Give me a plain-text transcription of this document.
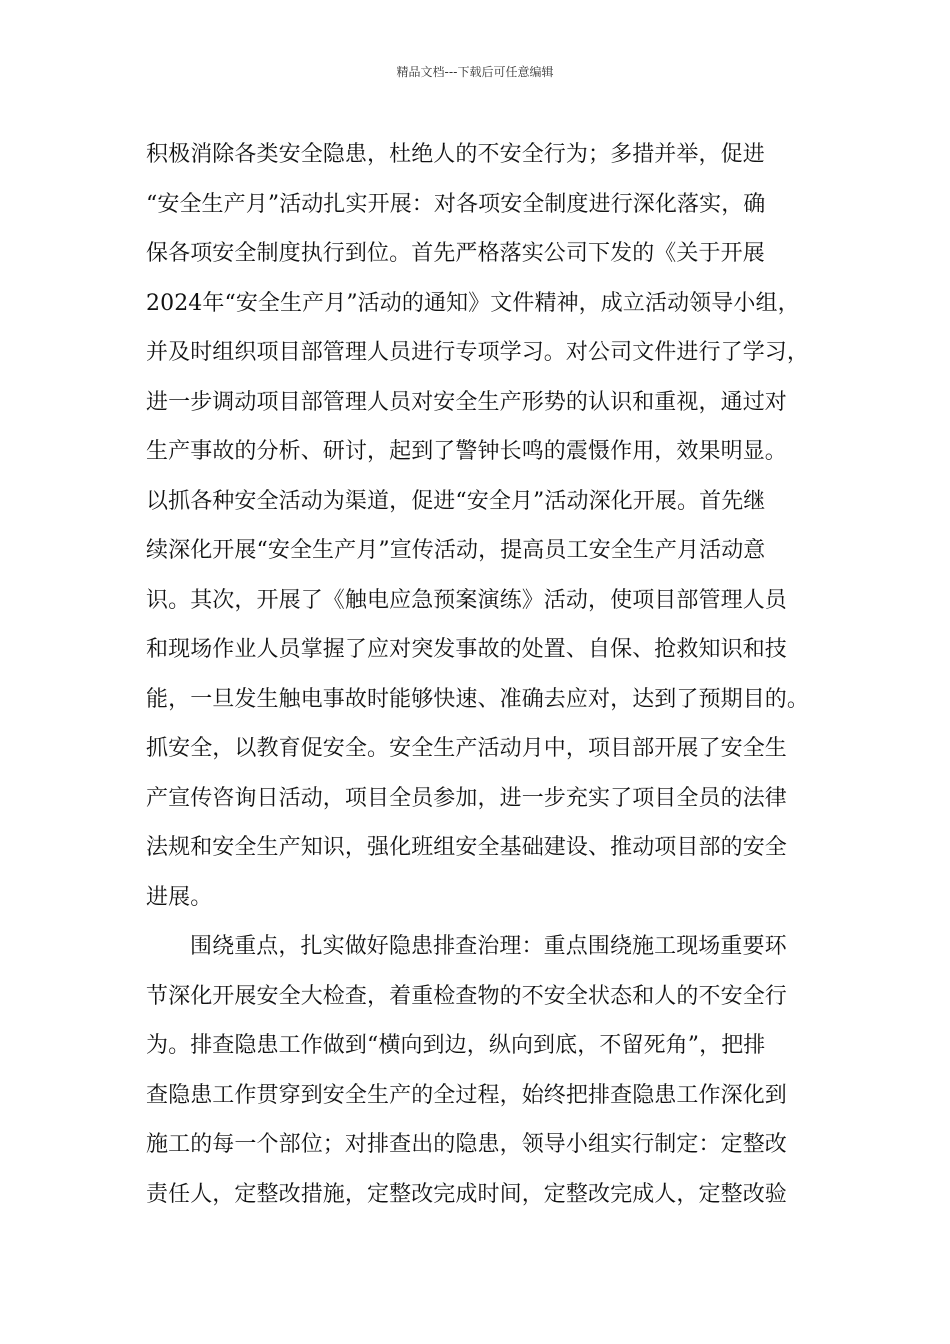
精品文档---下载后可任意编辑
积极消除各类安全隐患，杜绝人的不安全行为；多措并举，促进
“安全生产月”活动扎实开展：对各项安全制度进行深化落实，确
保各项安全制度执行到位。首先严格落实公司下发的《关于开展
2024年“安全生产月”活动的通知》文件精神，成立活动领导小组，
并及时组织项目部管理人员进行专项学习。对公司文件进行了学习，
进一步调动项目部管理人员对安全生产形势的认识和重视，通过对
生产事故的分析、研讨，起到了警钟长鸣的震慑作用，效果明显。
以抓各种安全活动为渠道，促进“安全月”活动深化开展。首先继
续深化开展“安全生产月”宣传活动，提高员工安全生产月活动意
识。其次，开展了《触电应急预案演练》活动，使项目部管理人员
和现场作业人员掌握了应对突发事故的处置、自保、抢救知识和技
能，一旦发生触电事故时能够快速、准确去应对，达到了预期目的。
抓安全，以教育促安全。安全生产活动月中，项目部开展了安全生
产宣传咨询日活动，项目全员参加，进一步充实了项目全员的法律
法规和安全生产知识，强化班组安全基础建设、推动项目部的安全
进展。
围绕重点，扎实做好隐患排查治理：重点围绕施工现场重要环
节深化开展安全大检查，着重检查物的不安全状态和人的不安全行
为。排查隐患工作做到“横向到边，纵向到底，不留死角”，把排
查隐患工作贯穿到安全生产的全过程，始终把排查隐患工作深化到
施工的每一个部位；对排查出的隐患，领导小组实行制定：定整改
责任人，定整改措施，定整改完成时间，定整改完成人，定整改验
